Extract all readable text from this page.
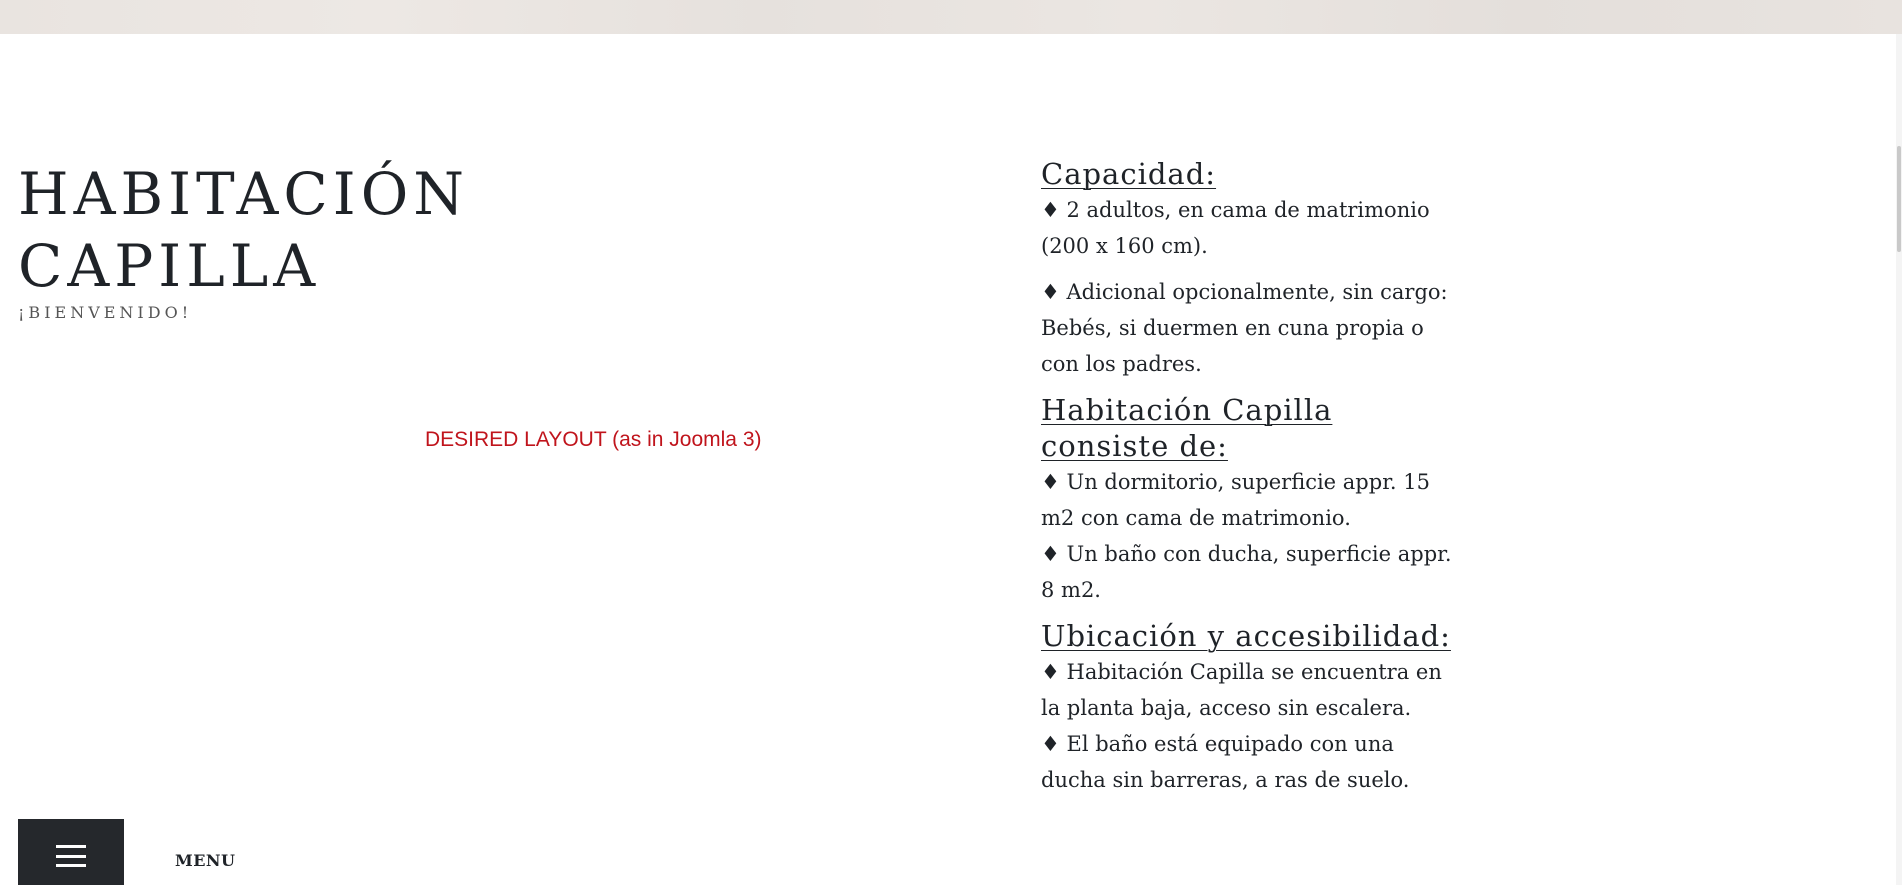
HABITACIÓN
CAPILLA
¡BIENVENIDO!
DESIRED LAYOUT (as in Joomla 3)
Capacidad:

♦ 2 adultos, en cama de matrimonio (200 x 160 cm).

♦ Adicional opcionalmente, sin cargo: Bebés, si duermen en cuna propia o con los padres.

Habitación Capilla consiste de:

♦ Un dormitorio, superficie appr. 15 m2 con cama de matrimonio.

♦ Un baño con ducha, superficie appr. 8 m2.

Ubicación y accesibilidad:

♦ Habitación Capilla se encuentra en la planta baja, acceso sin escalera.

♦ El baño está equipado con una ducha sin barreras, a ras de suelo.

MENU
